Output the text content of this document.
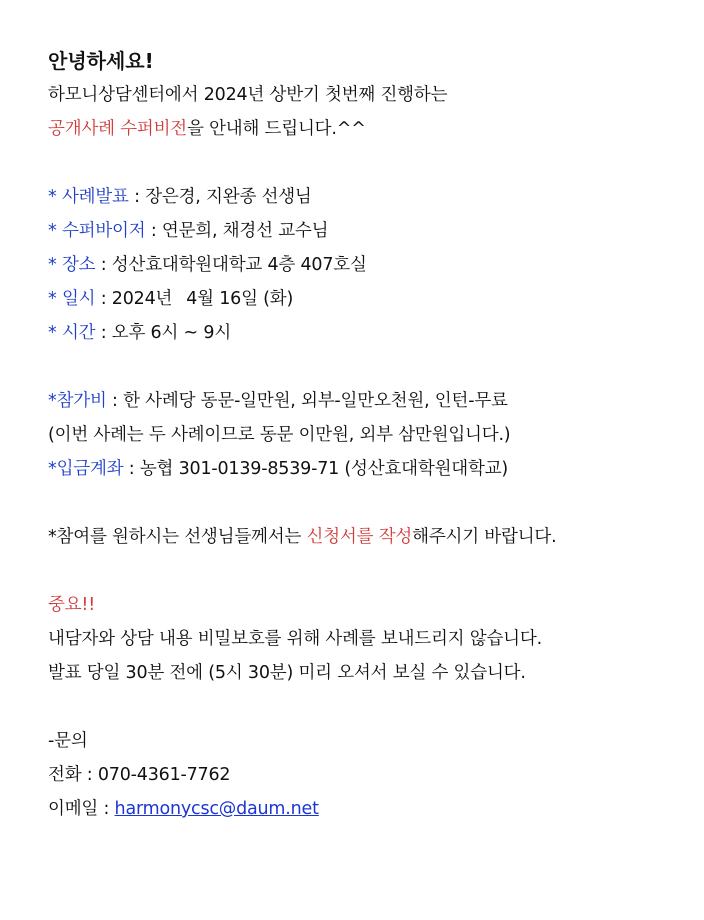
안녕하세요!
하모니상담센터에서 2024년 상반기 첫번째 진행하는
공개사례 수퍼비전을 안내해 드립니다.^^
* 사례발표 : 장은경, 지완종 선생님
* 수퍼바이저 : 연문희, 채경선 교수님
* 장소 : 성산효대학원대학교 4층 407호실
* 일시 : 2024년 4월 16일 (화)
* 시간 : 오후 6시 ~ 9시
*참가비 : 한 사례당 동문-일만원, 외부-일만오천원, 인턴-무료
(이번 사례는 두 사례이므로 동문 이만원, 외부 삼만원입니다.)
*입금계좌 : 농협 301-0139-8539-71 (성산효대학원대학교)
*참여를 원하시는 선생님들께서는 신청서를 작성해주시기 바랍니다.
중요!!
내담자와 상담 내용 비밀보호를 위해 사례를 보내드리지 않습니다.
발표 당일 30분 전에 (5시 30분) 미리 오셔서 보실 수 있습니다.
-문의
전화 : 070-4361-7762
이메일 : harmonycsc@daum.net
